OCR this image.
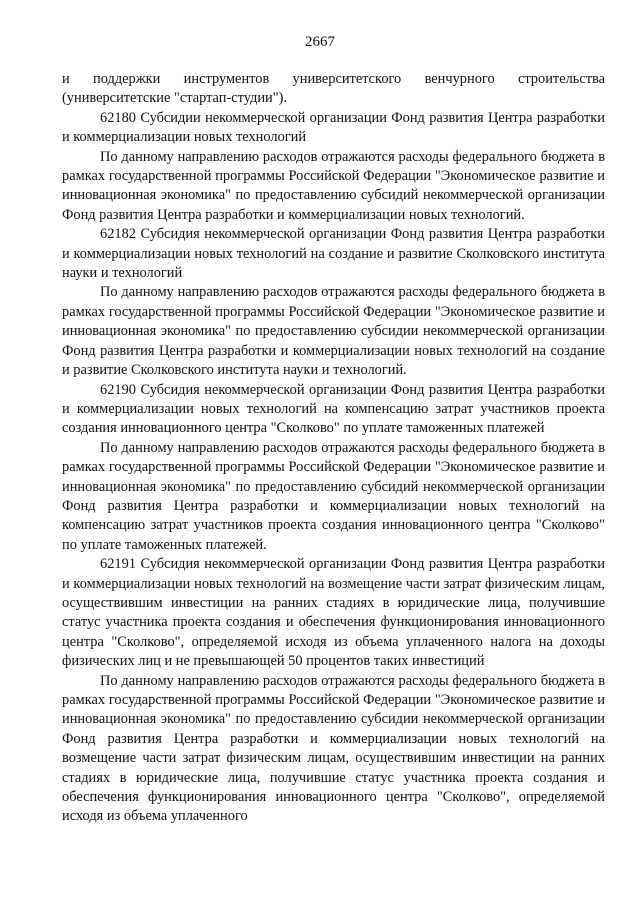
2667

и поддержки инструментов университетского венчурного строительства (университетские "стартап-студии").

62180 Субсидии некоммерческой организации Фонд развития Центра разработки и коммерциализации новых технологий

По данному направлению расходов отражаются расходы федерального бюджета в рамках государственной программы Российской Федерации "Экономическое развитие и инновационная экономика" по предоставлению субсидий некоммерческой организации Фонд развития Центра разработки и коммерциализации новых технологий.

62182 Субсидия некоммерческой организации Фонд развития Центра разработки и коммерциализации новых технологий на создание и развитие Сколковского института науки и технологий

По данному направлению расходов отражаются расходы федерального бюджета в рамках государственной программы Российской Федерации "Экономическое развитие и инновационная экономика" по предоставлению субсидии некоммерческой организации Фонд развития Центра разработки и коммерциализации новых технологий на создание и развитие Сколковского института науки и технологий.

62190 Субсидия некоммерческой организации Фонд развития Центра разработки и коммерциализации новых технологий на компенсацию затрат участников проекта создания инновационного центра "Сколково" по уплате таможенных платежей

По данному направлению расходов отражаются расходы федерального бюджета в рамках государственной программы Российской Федерации "Экономическое развитие и инновационная экономика" по предоставлению субсидий некоммерческой организации Фонд развития Центра разработки и коммерциализации новых технологий на компенсацию затрат участников проекта создания инновационного центра "Сколково" по уплате таможенных платежей.

62191 Субсидия некоммерческой организации Фонд развития Центра разработки и коммерциализации новых технологий на возмещение части затрат физическим лицам, осуществившим инвестиции на ранних стадиях в юридические лица, получившие статус участника проекта создания и обеспечения функционирования инновационного центра "Сколково", определяемой исходя из объема уплаченного налога на доходы физических лиц и не превышающей 50 процентов таких инвестиций

По данному направлению расходов отражаются расходы федерального бюджета в рамках государственной программы Российской Федерации "Экономическое развитие и инновационная экономика" по предоставлению субсидии некоммерческой организации Фонд развития Центра разработки и коммерциализации новых технологий на возмещение части затрат физическим лицам, осуществившим инвестиции на ранних стадиях в юридические лица, получившие статус участника проекта создания и обеспечения функционирования инновационного центра "Сколково", определяемой исходя из объема уплаченного
